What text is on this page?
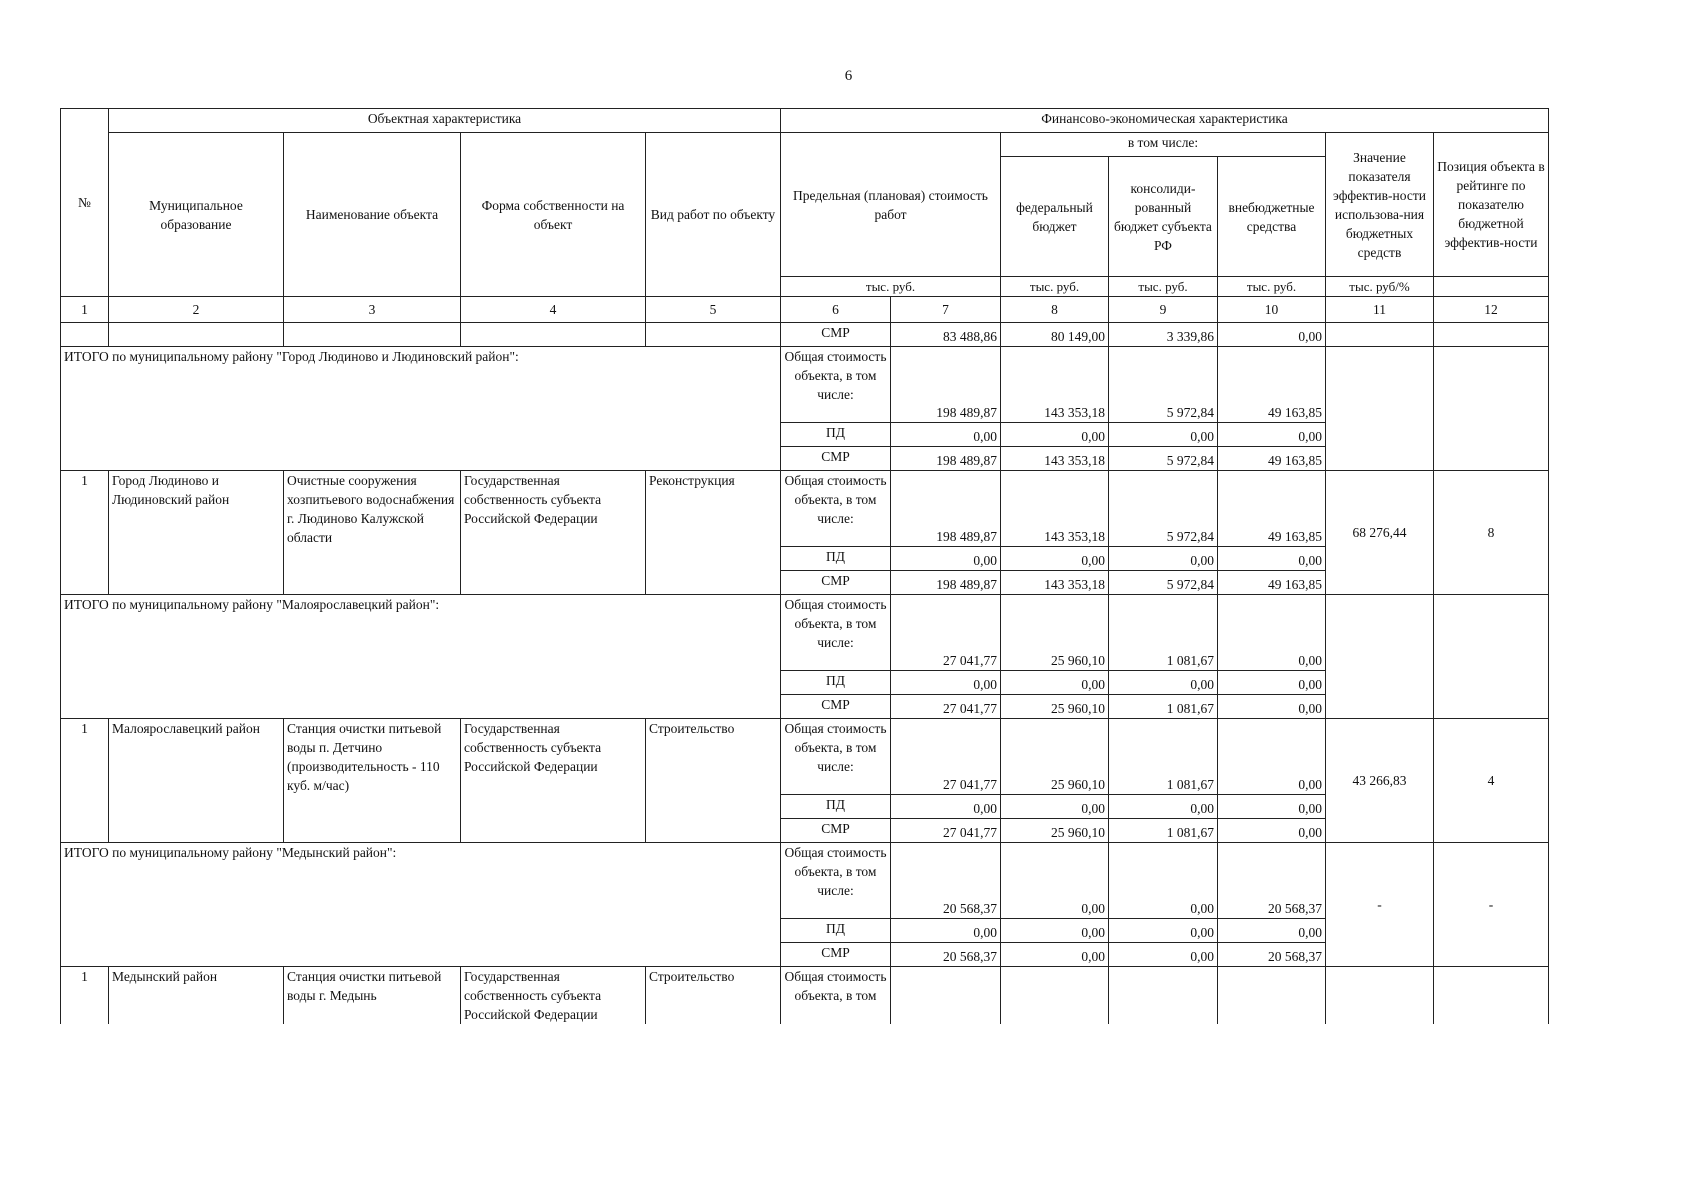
6
№	Объектная характеристика				Финансово-экономическая характеристика						
	Муниципальное образование	Наименование объекта	Форма собственности на объект	Вид работ по объекту	Предельная (плановая) стоимость работ		в том числе:			Значение показателя эффектив-ности использова-ния бюджетных средств	Позиция объекта в рейтинге по показателю бюджетной эффектив-ности
							федеральный бюджет	консолиди-рованный бюджет субъекта РФ	внебюджетные средства		
					тыс. руб.		тыс. руб.	тыс. руб.	тыс. руб.	тыс. руб/%	
1	2	3	4	5	6	7	8	9	10	11	12
					СМР	83 488,86	80 149,00	3 339,86	0,00		
ИТОГО по муниципальному району "Город Людиново и Людиновский район":					Общая стоимость объекта, в том числе:	198 489,87	143 353,18	5 972,84	49 163,85		
					ПД	0,00	0,00	0,00	0,00		
					СМР	198 489,87	143 353,18	5 972,84	49 163,85		
1	Город Людиново и Людиновский район	Очистные сооружения хозпитьевого водоснабжения г. Людиново Калужской области	Государственная собственность субъекта Российской Федерации	Реконструкция	Общая стоимость объекта, в том числе:	198 489,87	143 353,18	5 972,84	49 163,85	68 276,44	8
					ПД	0,00	0,00	0,00	0,00		
					СМР	198 489,87	143 353,18	5 972,84	49 163,85		
ИТОГО по муниципальному району "Малоярославецкий район":					Общая стоимость объекта, в том числе:	27 041,77	25 960,10	1 081,67	0,00		
					ПД	0,00	0,00	0,00	0,00		
					СМР	27 041,77	25 960,10	1 081,67	0,00		
1	Малоярославецкий район	Станция очистки питьевой воды п. Детчино (производительность - 110 куб. м/час)	Государственная собственность субъекта Российской Федерации	Строительство	Общая стоимость объекта, в том числе:	27 041,77	25 960,10	1 081,67	0,00	43 266,83	4
					ПД	0,00	0,00	0,00	0,00		
					СМР	27 041,77	25 960,10	1 081,67	0,00		
ИТОГО по муниципальному району "Медынский район":					Общая стоимость объекта, в том числе:	20 568,37	0,00	0,00	20 568,37	-	-
					ПД	0,00	0,00	0,00	0,00		
					СМР	20 568,37	0,00	0,00	20 568,37		
1	Медынский район	Станция очистки питьевой воды г. Медынь	Государственная собственность субъекта Российской Федерации	Строительство	Общая стоимость объекта, в том						
